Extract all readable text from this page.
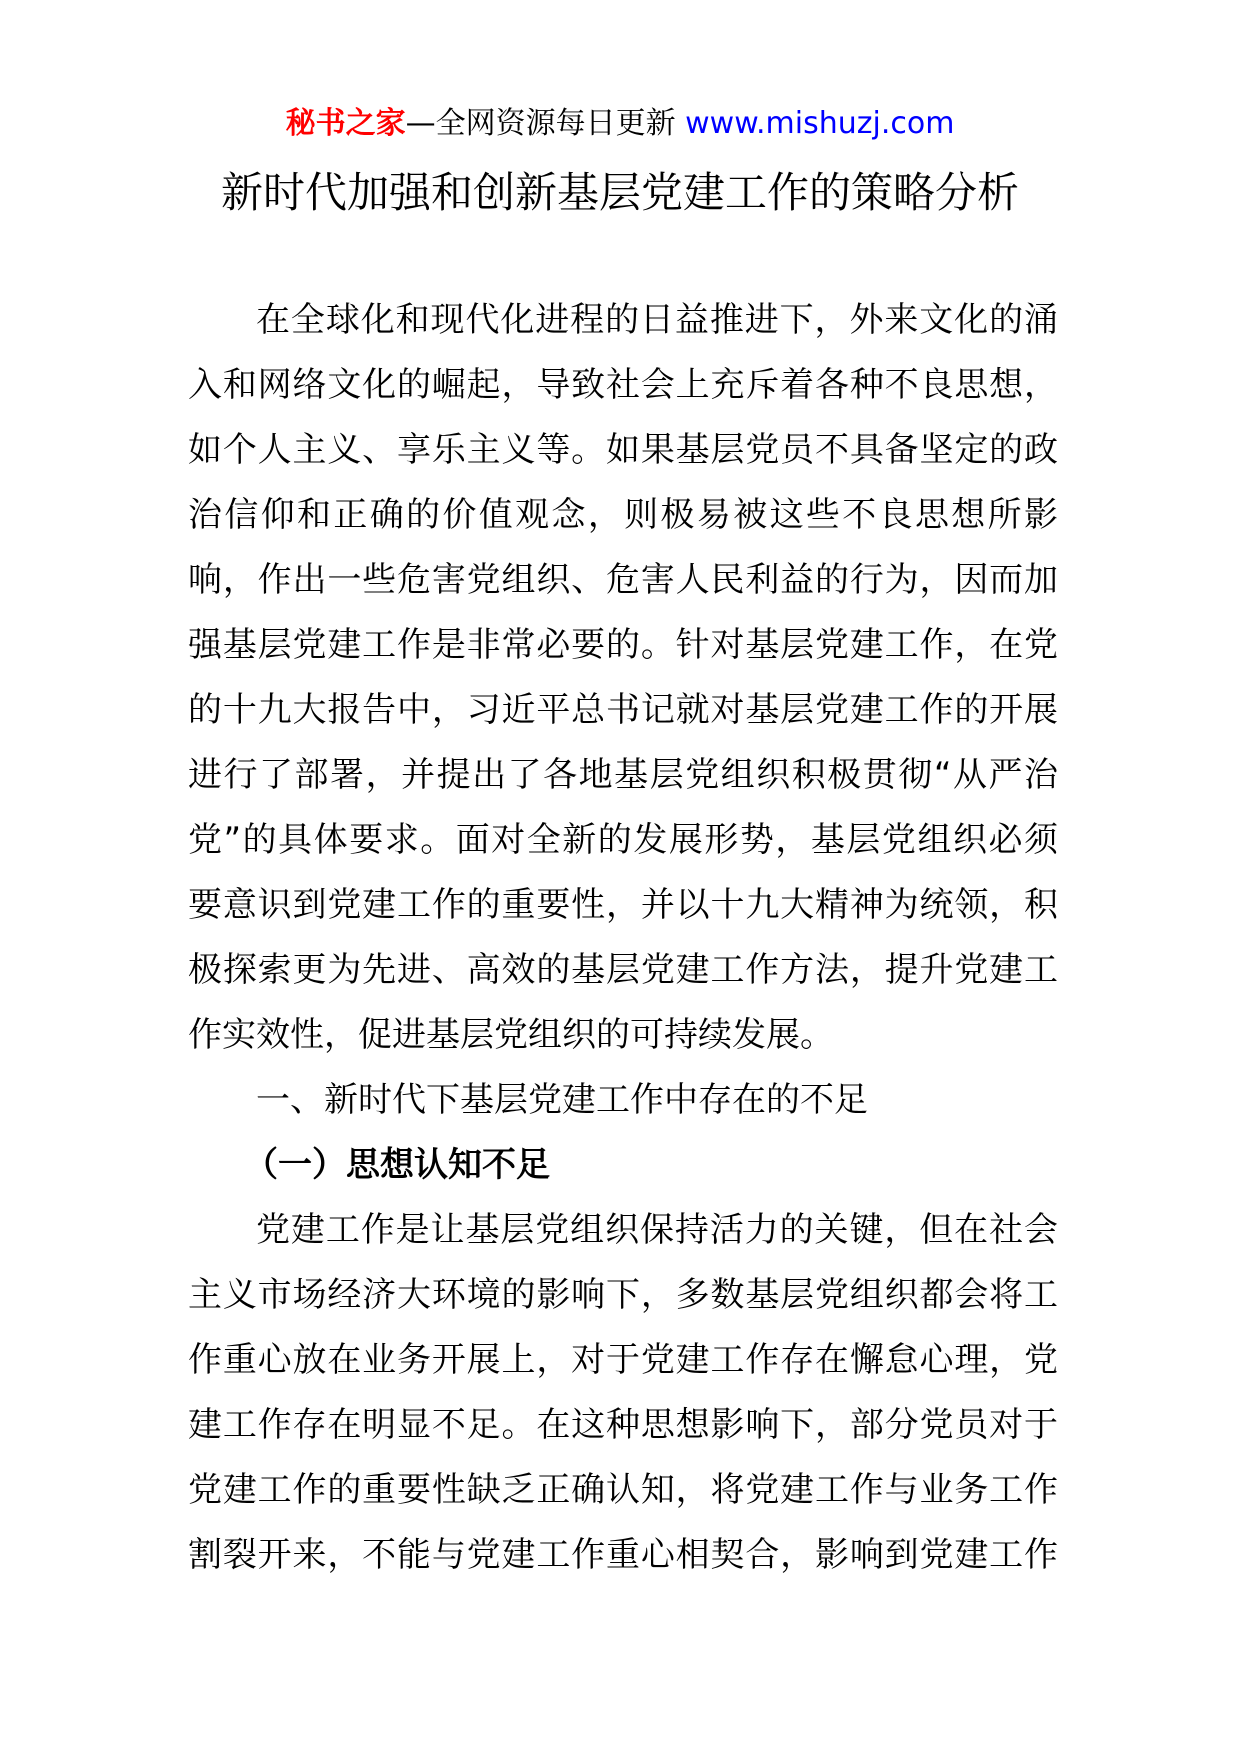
秘书之家—全网资源每日更新 www.mishuzj.com
新时代加强和创新基层党建工作的策略分析
在全球化和现代化进程的日益推进下，外来文化的涌
入和网络文化的崛起，导致社会上充斥着各种不良思想，
如个人主义、享乐主义等。如果基层党员不具备坚定的政
治信仰和正确的价值观念，则极易被这些不良思想所影
响，作出一些危害党组织、危害人民利益的行为，因而加
强基层党建工作是非常必要的。针对基层党建工作，在党
的十九大报告中，习近平总书记就对基层党建工作的开展
进行了部署，并提出了各地基层党组织积极贯彻“从严治
党”的具体要求。面对全新的发展形势，基层党组织必须
要意识到党建工作的重要性，并以十九大精神为统领，积
极探索更为先进、高效的基层党建工作方法，提升党建工
作实效性，促进基层党组织的可持续发展。
一、新时代下基层党建工作中存在的不足
（一）思想认知不足
党建工作是让基层党组织保持活力的关键，但在社会
主义市场经济大环境的影响下，多数基层党组织都会将工
作重心放在业务开展上，对于党建工作存在懈怠心理，党
建工作存在明显不足。在这种思想影响下，部分党员对于
党建工作的重要性缺乏正确认知，将党建工作与业务工作
割裂开来，不能与党建工作重心相契合，影响到党建工作
